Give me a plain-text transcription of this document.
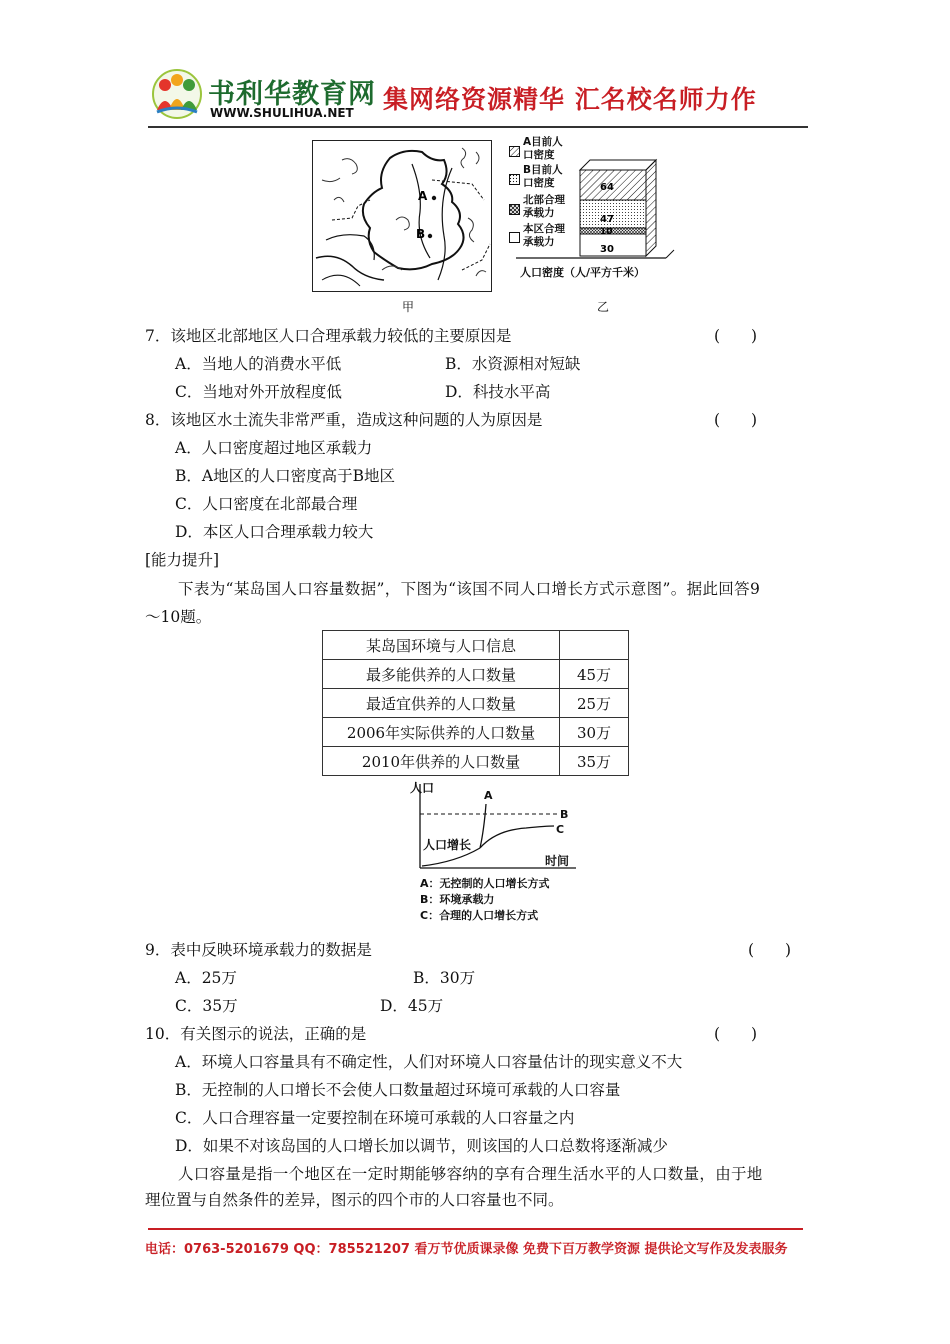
书利华教育网
WWW.SHULIHUA.NET 集网络资源精华 汇名校名师力作
A
B
甲
A目前人
口密度
B目前人
口密度
北部合理
承载力
本区合理
承载力
64
47
10
30
人口密度（人/平方千米）
乙
7．该地区北部地区人口合理承载力较低的主要原因是	(　　)
A．当地人的消费水平低	B．水资源相对短缺
C．当地对外开放程度低	D．科技水平高
8．该地区水土流失非常严重，造成这种问题的人为原因是	(　　)
A．人口密度超过地区承载力
B．A地区的人口密度高于B地区
C．人口密度在北部最合理
D．本区人口合理承载力较大
[能力提升]
下表为“某岛国人口容量数据”，下图为“该国不同人口增长方式示意图”。据此回答9
～10题。
某岛国环境与人口信息	
最多能供养的人口数量	45万
最适宜供养的人口数量	25万
2006年实际供养的人口数量	30万
2010年供养的人口数量	35万
人口
A
B
C
人口增长
时间
A：无控制的人口增长方式
B：环境承载力
C：合理的人口增长方式
9．表中反映环境承载力的数据是	(　　)
A．25万	B．30万
C．35万	D．45万
10．有关图示的说法，正确的是	(　　)
A．环境人口容量具有不确定性，人们对环境人口容量估计的现实意义不大
B．无控制的人口增长不会使人口数量超过环境可承载的人口容量
C．人口合理容量一定要控制在环境可承载的人口容量之内
D．如果不对该岛国的人口增长加以调节，则该国的人口总数将逐渐减少
人口容量是指一个地区在一定时期能够容纳的享有合理生活水平的人口数量，由于地
理位置与自然条件的差异，图示的四个市的人口容量也不同。
电话：0763-5201679 QQ：785521207 看万节优质课录像 免费下百万教学资源 提供论文写作及发表服务
